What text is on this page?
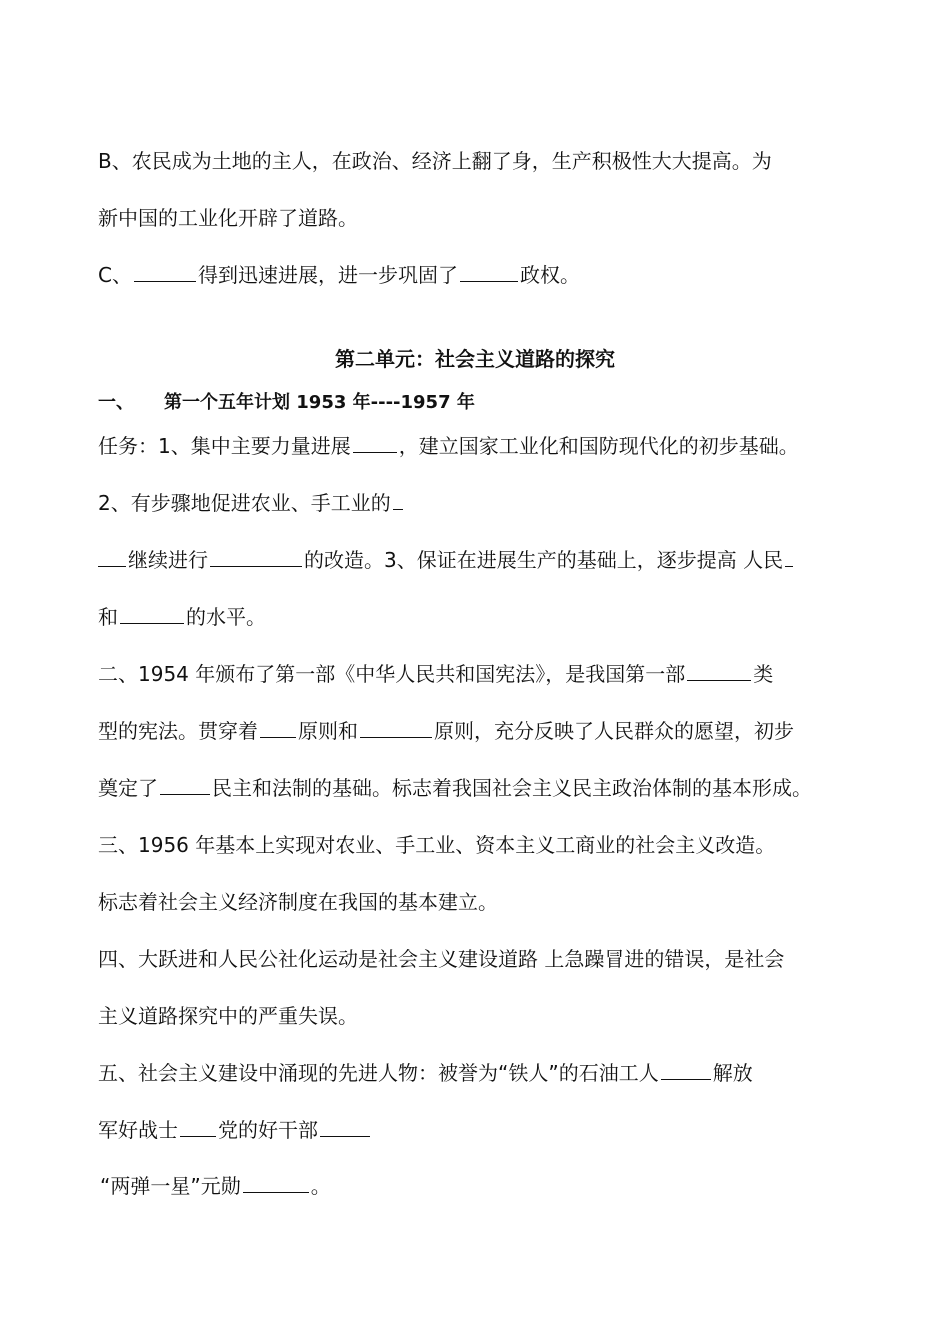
B、农民成为土地的主人，在政治、经济上翻了身，生产积极性大大提高。为
新中国的工业化开辟了道路。
C、	得到迅速进展，进一步巩固了	政权。
第二单元：社会主义道路的探究
一、 第一个五年计划 1953 年----1957 年
任务：1、集中主要力量进展 ，建立国家工业化和国防现代化的初步基础。
2、有步骤地促进农业、手工业的
继续进行	的改造。3、保证在进展生产的基础上，逐步提高 人民
和	的水平。
二、1954 年颁布了第一部《中华人民共和国宪法》，是我国第一部	类
型的宪法。贯穿着 原则和	原则，充分反映了人民群众的愿望，初步
奠定了	民主和法制的基础。标志着我国社会主义民主政治体制的基本形成。
三、1956 年基本上实现对农业、手工业、资本主义工商业的社会主义改造。
标志着社会主义经济制度在我国的基本建立。
四、大跃进和人民公社化运动是社会主义建设道路 上急躁冒进的错误，是社会
主义道路探究中的严重失误。
五、社会主义建设中涌现的先进人物：被誉为“铁人”的石油工人	解放
军好战士 党的好干部
“两弹一星”元勋	。
